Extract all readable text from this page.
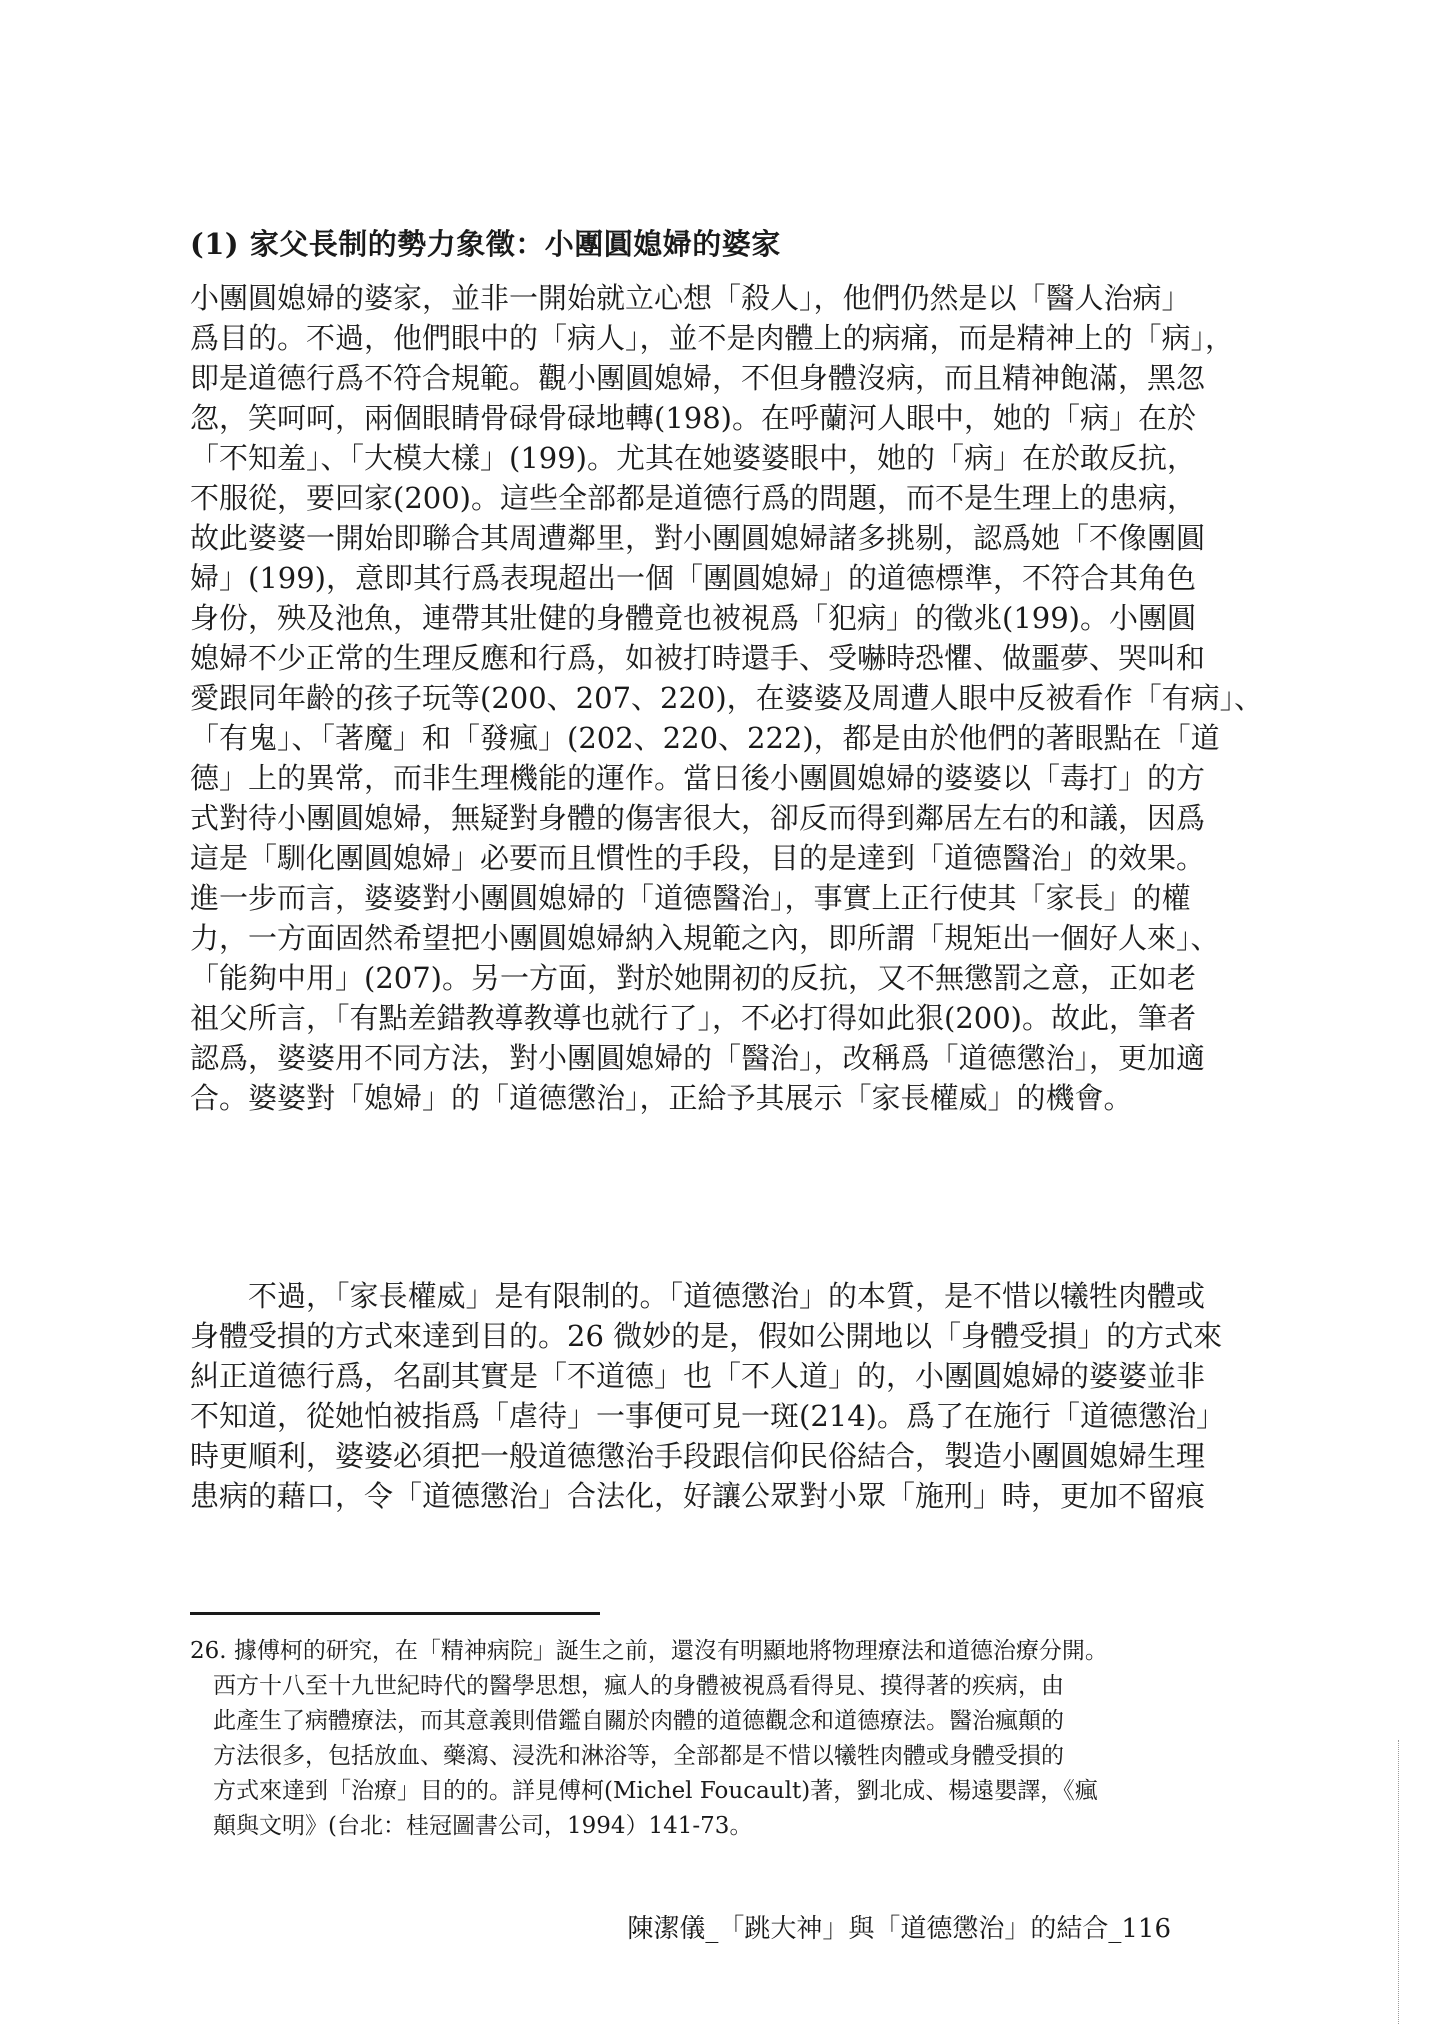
(1) 家父長制的勢力象徵：小團圓媳婦的婆家
小團圓媳婦的婆家，並非一開始就立心想「殺人」，他們仍然是以「醫人治病」
爲目的。不過，他們眼中的「病人」，並不是肉體上的病痛，而是精神上的「病」，
即是道德行爲不符合規範。觀小團圓媳婦，不但身體沒病，而且精神飽滿，黑忽
忽，笑呵呵，兩個眼睛骨碌骨碌地轉(198)。在呼蘭河人眼中，她的「病」在於
「不知羞」、「大模大樣」(199)。尤其在她婆婆眼中，她的「病」在於敢反抗，
不服從，要回家(200)。這些全部都是道德行爲的問題，而不是生理上的患病，
故此婆婆一開始即聯合其周遭鄰里，對小團圓媳婦諸多挑剔，認爲她「不像團圓
婦」(199)，意即其行爲表現超出一個「團圓媳婦」的道德標準，不符合其角色
身份，殃及池魚，連帶其壯健的身體竟也被視爲「犯病」的徵兆(199)。小團圓
媳婦不少正常的生理反應和行爲，如被打時還手、受嚇時恐懼、做噩夢、哭叫和
愛跟同年齡的孩子玩等(200、207、220)，在婆婆及周遭人眼中反被看作「有病」、
「有鬼」、「著魔」和「發瘋」(202、220、222)，都是由於他們的著眼點在「道
德」上的異常，而非生理機能的運作。當日後小團圓媳婦的婆婆以「毒打」的方
式對待小團圓媳婦，無疑對身體的傷害很大，卻反而得到鄰居左右的和議，因爲
這是「馴化團圓媳婦」必要而且慣性的手段，目的是達到「道德醫治」的效果。
進一步而言，婆婆對小團圓媳婦的「道德醫治」，事實上正行使其「家長」的權
力，一方面固然希望把小團圓媳婦納入規範之內，即所謂「規矩出一個好人來」、
「能夠中用」(207)。另一方面，對於她開初的反抗，又不無懲罰之意，正如老
祖父所言，「有點差錯教導教導也就行了」，不必打得如此狠(200)。故此，筆者
認爲，婆婆用不同方法，對小團圓媳婦的「醫治」，改稱爲「道德懲治」，更加適
合。婆婆對「媳婦」的「道德懲治」，正給予其展示「家長權威」的機會。
　　不過，「家長權威」是有限制的。「道德懲治」的本質，是不惜以犧牲肉體或
身體受損的方式來達到目的。26 微妙的是，假如公開地以「身體受損」的方式來
糾正道德行爲，名副其實是「不道德」也「不人道」的，小團圓媳婦的婆婆並非
不知道，從她怕被指爲「虐待」一事便可見一斑(214)。爲了在施行「道德懲治」
時更順利，婆婆必須把一般道德懲治手段跟信仰民俗結合，製造小團圓媳婦生理
患病的藉口，令「道德懲治」合法化，好讓公眾對小眾「施刑」時，更加不留痕
26. 據傅柯的研究，在「精神病院」誕生之前，還沒有明顯地將物理療法和道德治療分開。
　西方十八至十九世紀時代的醫學思想，瘋人的身體被視爲看得見、摸得著的疾病，由
　此產生了病體療法，而其意義則借鑑自關於肉體的道德觀念和道德療法。醫治瘋顛的
　方法很多，包括放血、藥瀉、浸洗和淋浴等，全部都是不惜以犧牲肉體或身體受損的
　方式來達到「治療」目的的。詳見傅柯(Michel Foucault)著，劉北成、楊遠嬰譯，《瘋
　顛與文明》(台北：桂冠圖書公司，1994）141-73。
陳潔儀_「跳大神」與「道德懲治」的結合_116
